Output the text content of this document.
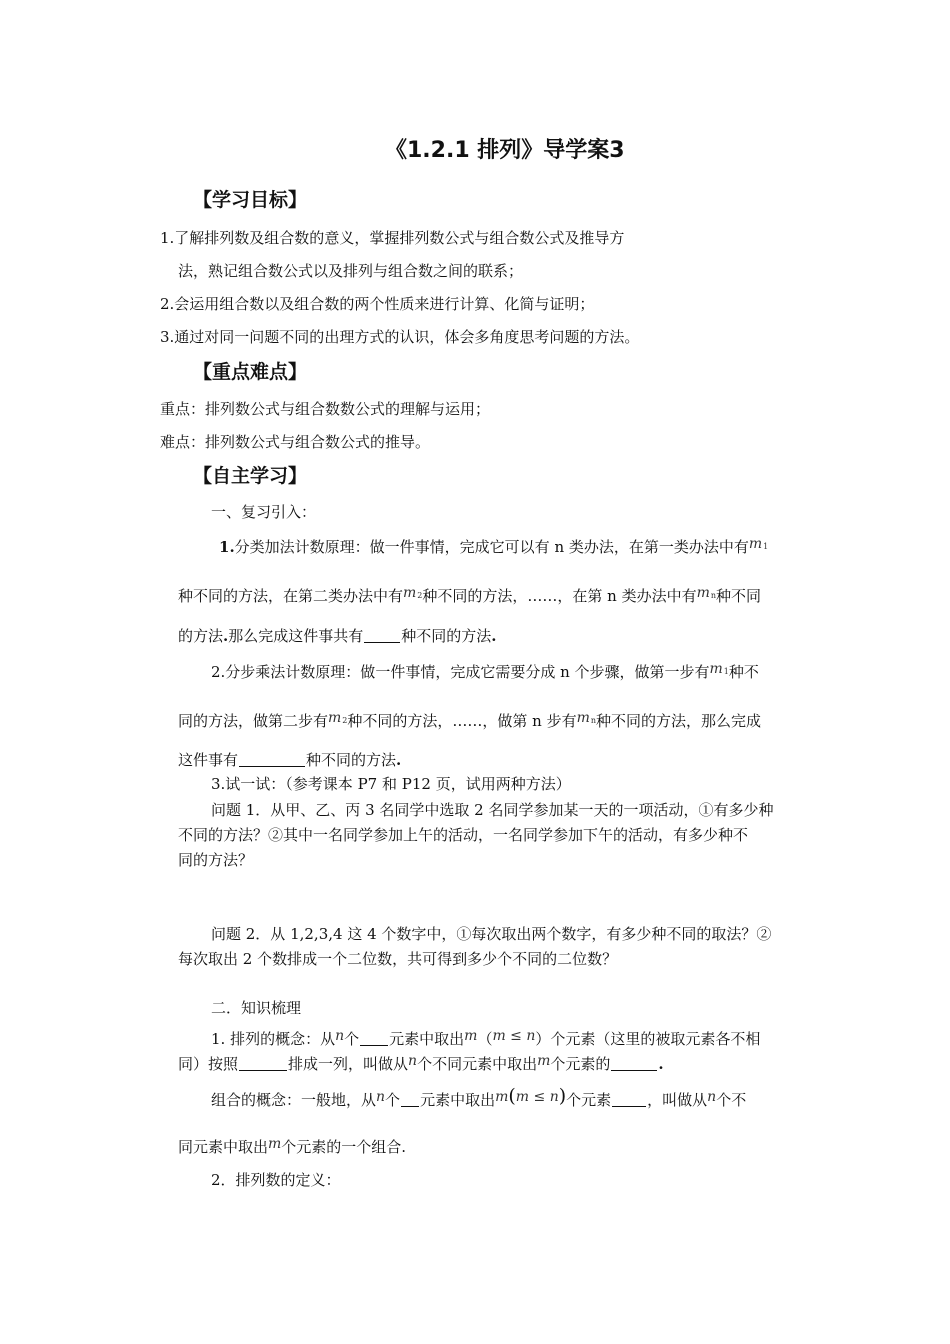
《1.2.1 排列》导学案3
【学习目标】
1.了解排列数及组合数的意义，掌握排列数公式与组合数公式及推导方
法，熟记组合数公式以及排列与组合数之间的联系；
2.会运用组合数以及组合数的两个性质来进行计算、化简与证明；
3.通过对同一问题不同的出理方式的认识，体会多角度思考问题的方法。
【重点难点】
重点：排列数公式与组合数数公式的理解与运用；
难点：排列数公式与组合数公式的推导。
【自主学习】
一、复习引入：
1.分类加法计数原理：做一件事情，完成它可以有 n 类办法，在第一类办法中有$m_1$
种不同的方法，在第二类办法中有$m_2$种不同的方法，……，在第 n 类办法中有$m_n$种不同
的方法.那么完成这件事共有	种不同的方法.
2.分步乘法计数原理：做一件事情，完成它需要分成 n 个步骤，做第一步有$m_1$种不
同的方法，做第二步有$m_2$种不同的方法，……，做第 n 步有$m_n$种不同的方法，那么完成
这件事有	种不同的方法.
3.试一试：（参考课本 P7 和 P12 页，试用两种方法）
问题 1．从甲、乙、丙 3 名同学中选取 2 名同学参加某一天的一项活动，①有多少种
不同的方法？②其中一名同学参加上午的活动，一名同学参加下午的活动，有多少种不
同的方法？
问题 2．从 1,2,3,4 这 4 个数字中，①每次取出两个数字，有多少种不同的取法？②
每次取出 2 个数排成一个二位数，共可得到多少个不同的二位数？
二．知识梳理
1. 排列的概念：从n个 元素中取出m（m ≤ n）个元素（这里的被取元素各不相
同）按照	排成一列，叫做从n个不同元素中取出m个元素的	.
组合的概念：一般地，从n个 元素中取出m(m ≤ n)个元素 ，叫做从n个不
同元素中取出m个元素的一个组合.
2．排列数的定义：
